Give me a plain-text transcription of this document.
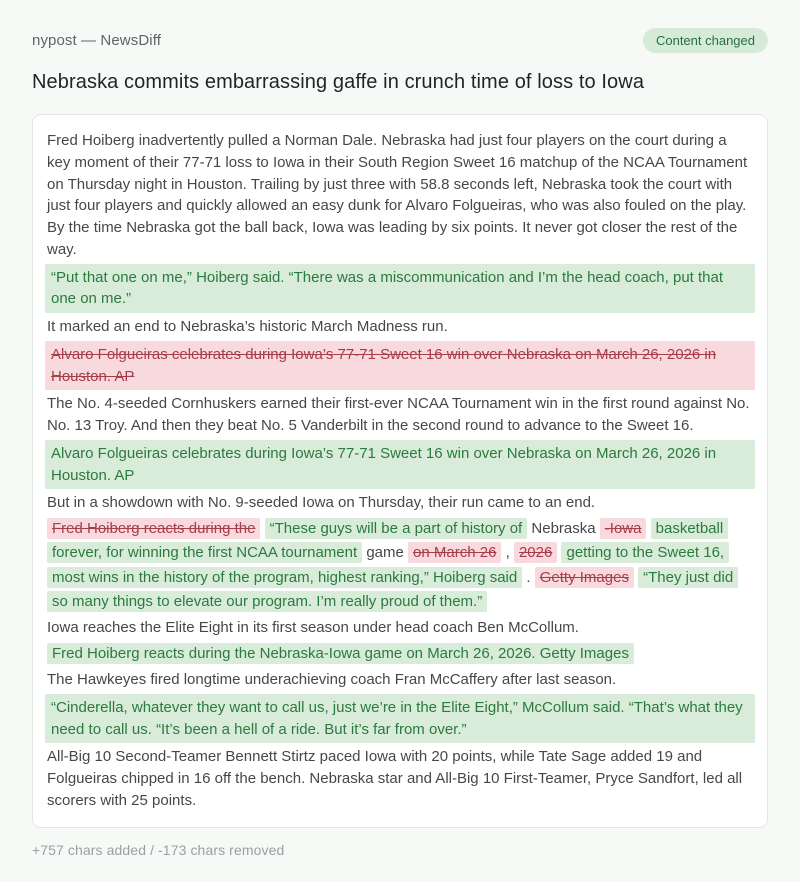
nypost — NewsDiff	Content changed
Nebraska commits embarrassing gaffe in crunch time of loss to Iowa
Fred Hoiberg inadvertently pulled a Norman Dale. Nebraska had just four players on the court during a key moment of their 77-71 loss to Iowa in their South Region Sweet 16 matchup of the NCAA Tournament on Thursday night in Houston. Trailing by just three with 58.8 seconds left, Nebraska took the court with just four players and quickly allowed an easy dunk for Alvaro Folgueiras, who was also fouled on the play. By the time Nebraska got the ball back, Iowa was leading by six points. It never got closer the rest of the way.
“Put that one on me,” Hoiberg said. “There was a miscommunication and I’m the head coach, put that one on me.”
It marked an end to Nebraska’s historic March Madness run.
Alvaro Folgueiras celebrates during Iowa’s 77-71 Sweet 16 win over Nebraska on March 26, 2026 in Houston. AP
The No. 4-seeded Cornhuskers earned their first-ever NCAA Tournament win in the first round against No. No. 13 Troy. And then they beat No. 5 Vanderbilt in the second round to advance to the Sweet 16.
Alvaro Folgueiras celebrates during Iowa’s 77-71 Sweet 16 win over Nebraska on March 26, 2026 in Houston. AP
But in a showdown with No. 9-seeded Iowa on Thursday, their run came to an end.
Fred Hoiberg reacts during the “These guys will be a part of history of Nebraska -Iowa basketball forever, for winning the first NCAA tournament game on March 26 , 2026 getting to the Sweet 16, most wins in the history of the program, highest ranking,” Hoiberg said . Getty Images “They just did so many things to elevate our program. I’m really proud of them.”
Iowa reaches the Elite Eight in its first season under head coach Ben McCollum.
Fred Hoiberg reacts during the Nebraska-Iowa game on March 26, 2026. Getty Images
The Hawkeyes fired longtime underachieving coach Fran McCaffery after last season.
“Cinderella, whatever they want to call us, just we’re in the Elite Eight,” McCollum said. “That’s what they need to call us. “It’s been a hell of a ride. But it’s far from over.”
All-Big 10 Second-Teamer Bennett Stirtz paced Iowa with 20 points, while Tate Sage added 19 and Folgueiras chipped in 16 off the bench. Nebraska star and All-Big 10 First-Teamer, Pryce Sandfort, led all scorers with 25 points.
+757 chars added / -173 chars removed
